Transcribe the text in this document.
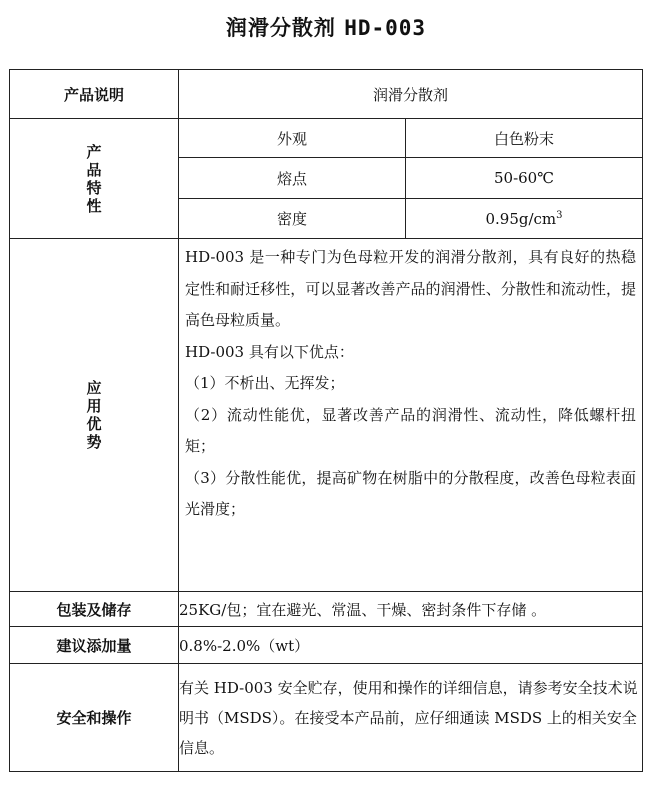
润滑分散剂 HD-003
产品说明	润滑分散剂	
产品特性	外观	白色粉末
	熔点	50-60℃
	密度	$0.95g/cm^3$
应用优势	HD-003 是一种专门为色母粒开发的润滑分散剂，具有良好的热稳定性和耐迁移性，可以显著改善产品的润滑性、分散性和流动性，提高色母粒质量。

HD-003 具有以下优点：

（1）不析出、无挥发；

（2）流动性能优，显著改善产品的润滑性、流动性，降低螺杆扭矩；

（3）分散性能优，提高矿物在树脂中的分散程度，改善色母粒表面光滑度；	

包装及储存	25KG/包；宜在避光、常温、干燥、密封条件下存储 。	
建议添加量	0.8%-2.0%（wt）	
安全和操作	有关 HD-003 安全贮存，使用和操作的详细信息，请参考安全技术说明书（MSDS）。在接受本产品前，应仔细通读 MSDS 上的相关安全信息。	
